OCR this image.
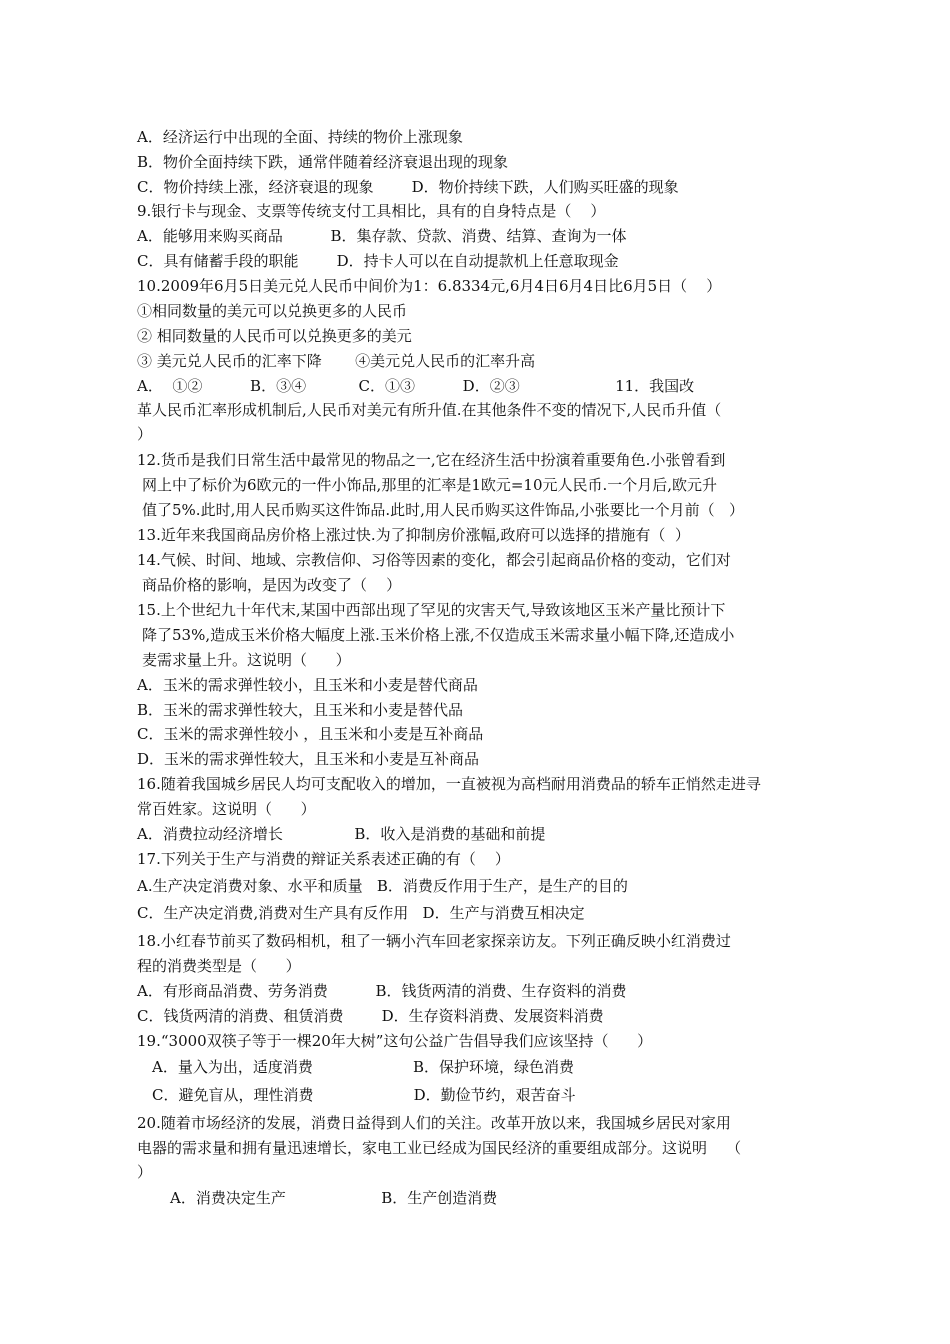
A．经济运行中出现的全面、持续的物价上涨现象
B．物价全面持续下跌，通常伴随着经济衰退出现的现象
C．物价持续上涨，经济衰退的现象        D．物价持续下跌，人们购买旺盛的现象
9.银行卡与现金、支票等传统支付工具相比，具有的自身特点是（    ）
A．能够用来购买商品          B．集存款、贷款、消费、结算、查询为一体
C．具有储蓄手段的职能        D．持卡人可以在自动提款机上任意取现金
10.2009年6月5日美元兑人民币中间价为1：6.8334元,6月4日6月4日比6月5日（    ）
①相同数量的美元可以兑换更多的人民币
② 相同数量的人民币可以兑换更多的美元
③ 美元兑人民币的汇率下降       ④美元兑人民币的汇率升高
A．  ①②          B．③④           C．①③          D．②③                    11．我国改
革人民币汇率形成机制后,人民币对美元有所升值.在其他条件不变的情况下,人民币升值（
）
12.货币是我们日常生活中最常见的物品之一,它在经济生活中扮演着重要角色.小张曾看到
网上中了标价为6欧元的一件小饰品,那里的汇率是1欧元=10元人民币.一个月后,欧元升
值了5%.此时,用人民币购买这件饰品.此时,用人民币购买这件饰品,小张要比一个月前（   ）
13.近年来我国商品房价格上涨过快.为了抑制房价涨幅,政府可以选择的措施有（  ）
14.气候、时间、地域、宗教信仰、习俗等因素的变化，都会引起商品价格的变动，它们对
商品价格的影响，是因为改变了（    ）
15.上个世纪九十年代末,某国中西部出现了罕见的灾害天气,导致该地区玉米产量比预计下
降了53%,造成玉米价格大幅度上涨.玉米价格上涨,不仅造成玉米需求量小幅下降,还造成小
麦需求量上升。这说明（      ）
A．玉米的需求弹性较小，且玉米和小麦是替代商品
B．玉米的需求弹性较大，且玉米和小麦是替代品
C．玉米的需求弹性较小 ，且玉米和小麦是互补商品
D．玉米的需求弹性较大，且玉米和小麦是互补商品
16.随着我国城乡居民人均可支配收入的增加，一直被视为高档耐用消费品的轿车正悄然走进寻
常百姓家。这说明（      ）
A．消费拉动经济增长               B．收入是消费的基础和前提
17.下列关于生产与消费的辩证关系表述正确的有（    ）
A.生产决定消费对象、水平和质量   B．消费反作用于生产，是生产的目的
C．生产决定消费,消费对生产具有反作用   D．生产与消费互相决定
18.小红春节前买了数码相机，租了一辆小汽车回老家探亲访友。下列正确反映小红消费过
程的消费类型是（      ）
A．有形商品消费、劳务消费          B．钱货两清的消费、生存资料的消费
C．钱货两清的消费、租赁消费        D．生存资料消费、发展资料消费
19.“3000双筷子等于一棵20年大树”这句公益广告倡导我们应该坚持（      ）
A．量入为出，适度消费                     B．保护环境，绿色消费
C．避免盲从，理性消费                     D．勤俭节约，艰苦奋斗
20.随着市场经济的发展，消费日益得到人们的关注。改革开放以来，我国城乡居民对家用
电器的需求量和拥有量迅速增长，家电工业已经成为国民经济的重要组成部分。这说明    （
）
A．消费决定生产                    B．生产创造消费
